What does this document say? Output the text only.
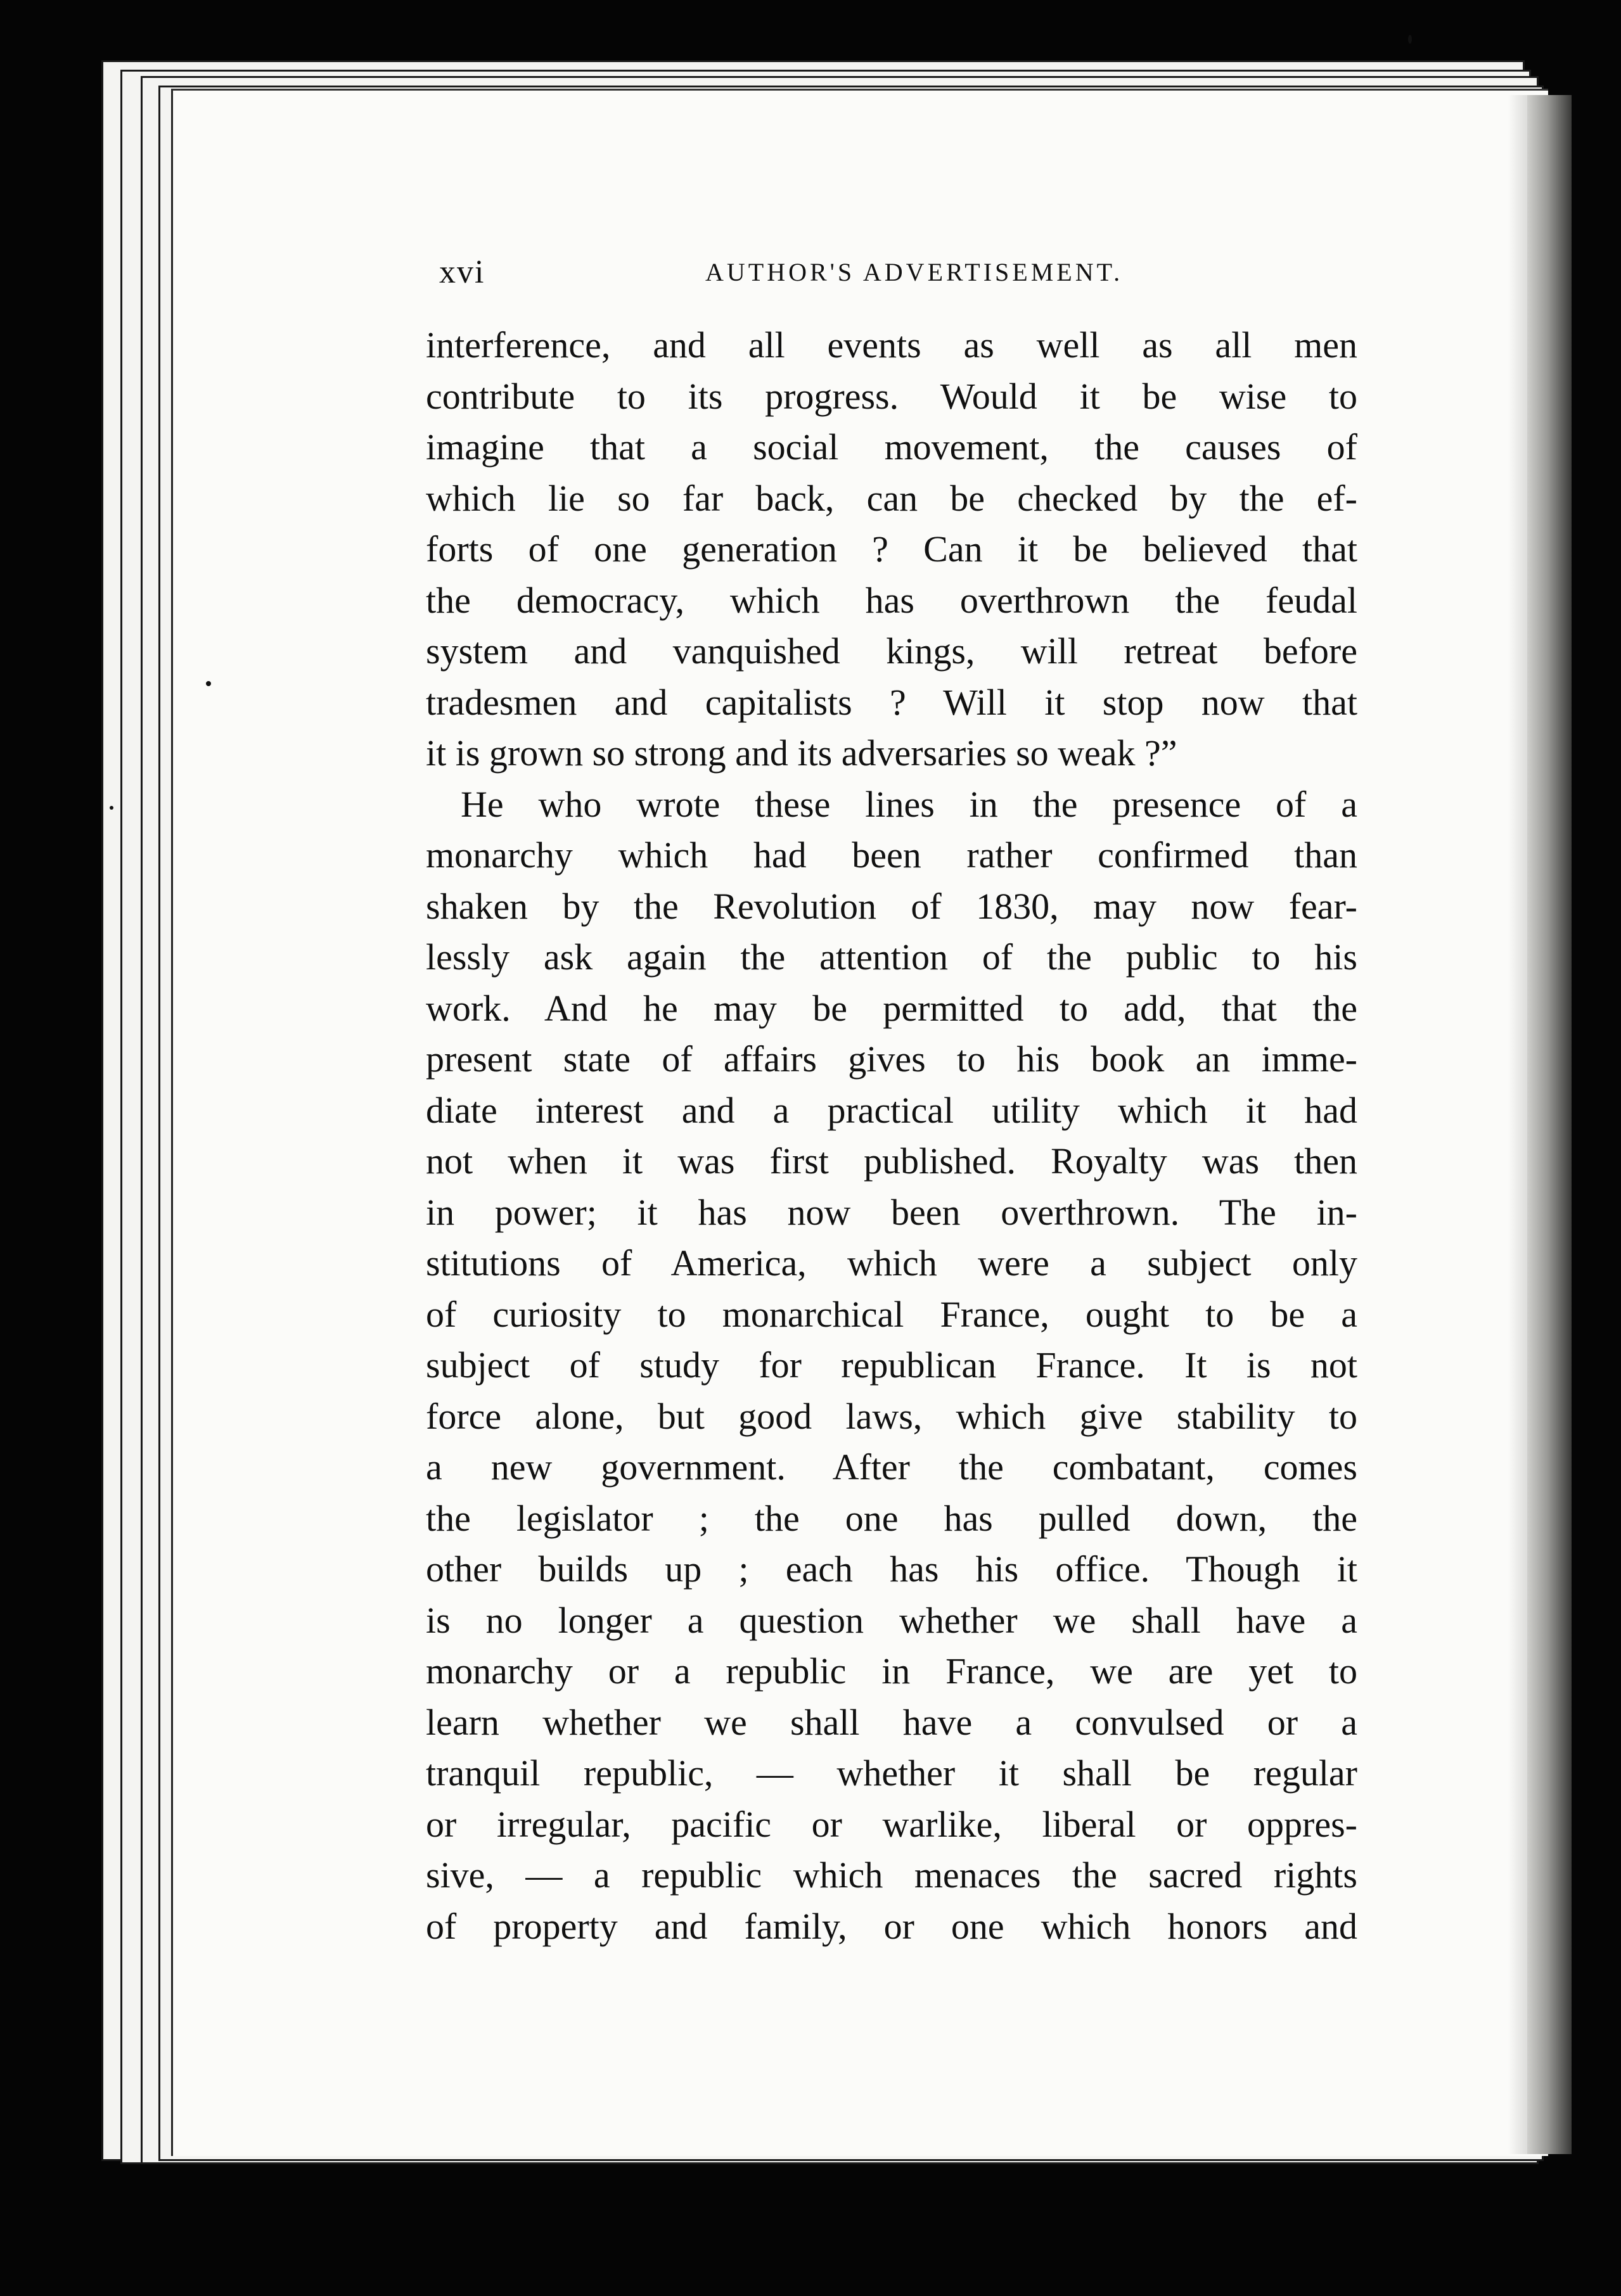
xvi	AUTHOR'S ADVERTISEMENT.
interference, and all events as well as all men
contribute to its progress. Would it be wise to
imagine that a social movement, the causes of
which lie so far back, can be checked by the ef-
forts of one generation ? Can it be believed that
the democracy, which has overthrown the feudal
system and vanquished kings, will retreat before
tradesmen and capitalists ? Will it stop now that
it is grown so strong and its adversaries so weak ?”
He who wrote these lines in the presence of a
monarchy which had been rather confirmed than
shaken by the Revolution of 1830, may now fear-
lessly ask again the attention of the public to his
work. And he may be permitted to add, that the
present state of affairs gives to his book an imme-
diate interest and a practical utility which it had
not when it was first published. Royalty was then
in power; it has now been overthrown. The in-
stitutions of America, which were a subject only
of curiosity to monarchical France, ought to be a
subject of study for republican France. It is not
force alone, but good laws, which give stability to
a new government. After the combatant, comes
the legislator ; the one has pulled down, the
other builds up ; each has his office. Though it
is no longer a question whether we shall have a
monarchy or a republic in France, we are yet to
learn whether we shall have a convulsed or a
tranquil republic, — whether it shall be regular
or irregular, pacific or warlike, liberal or oppres-
sive, — a republic which menaces the sacred rights
of property and family, or one which honors and
